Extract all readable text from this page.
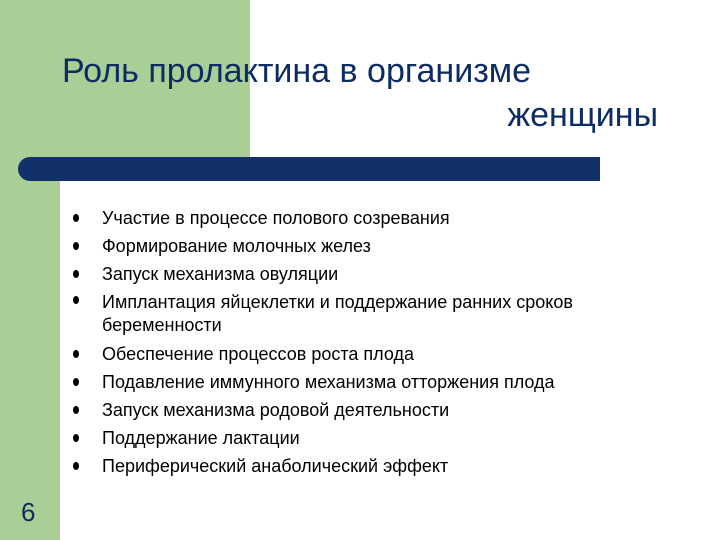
Роль пролактина в организме
женщины
Участие в процессе полового созревания
Формирование молочных желез
Запуск механизма овуляции
Имплантация яйцеклетки и поддержание ранних сроков беременности
Обеспечение процессов роста плода
Подавление иммунного механизма отторжения плода
Запуск механизма родовой деятельности
Поддержание лактации
Периферический анаболический эффект
6
